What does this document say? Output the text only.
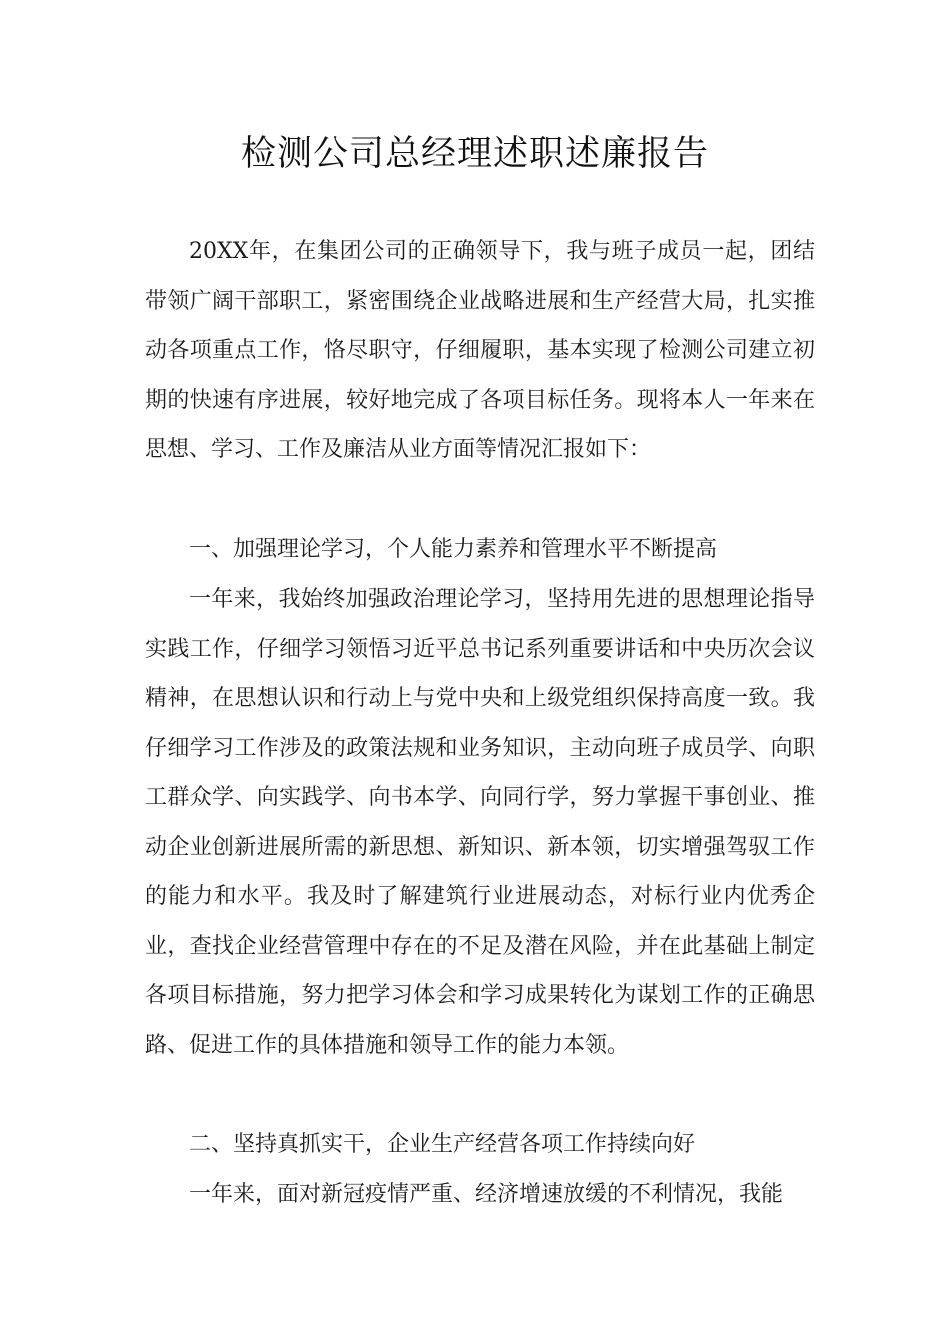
检测公司总经理述职述廉报告

20XX年，在集团公司的正确领导下，我与班子成员一起，团结带领广阔干部职工，紧密围绕企业战略进展和生产经营大局，扎实推动各项重点工作，恪尽职守，仔细履职，基本实现了检测公司建立初期的快速有序进展，较好地完成了各项目标任务。现将本人一年来在思想、学习、工作及廉洁从业方面等情况汇报如下：

一、加强理论学习，个人能力素养和管理水平不断提高

一年来，我始终加强政治理论学习，坚持用先进的思想理论指导实践工作，仔细学习领悟习近平总书记系列重要讲话和中央历次会议精神，在思想认识和行动上与党中央和上级党组织保持高度一致。我仔细学习工作涉及的政策法规和业务知识，主动向班子成员学、向职工群众学、向实践学、向书本学、向同行学，努力掌握干事创业、推动企业创新进展所需的新思想、新知识、新本领，切实增强驾驭工作的能力和水平。我及时了解建筑行业进展动态，对标行业内优秀企业，查找企业经营管理中存在的不足及潜在风险，并在此基础上制定各项目标措施，努力把学习体会和学习成果转化为谋划工作的正确思路、促进工作的具体措施和领导工作的能力本领。

二、坚持真抓实干，企业生产经营各项工作持续向好

一年来，面对新冠疫情严重、经济增速放缓的不利情况，我能
